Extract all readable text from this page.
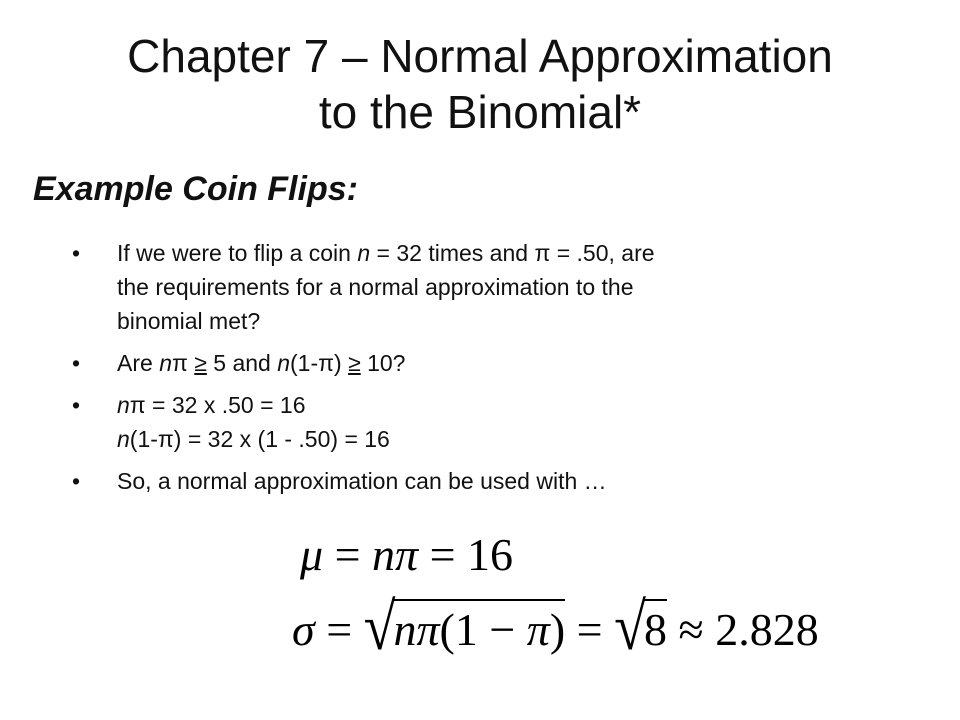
Chapter 7 – Normal Approximation
to the Binomial*
Example Coin Flips:
• If we were to flip a coin n = 32 times and π = .50, are
the requirements for a normal approximation to the
binomial met?
• Are nπ ≥ 5 and n(1-π) ≥ 10?
• nπ = 32 x .50 = 16
n(1-π) = 32 x (1 - .50) = 16
• So, a normal approximation can be used with …
μ = nπ = 16
σ = √nπ(1 − π) = √8 ≈ 2.828
